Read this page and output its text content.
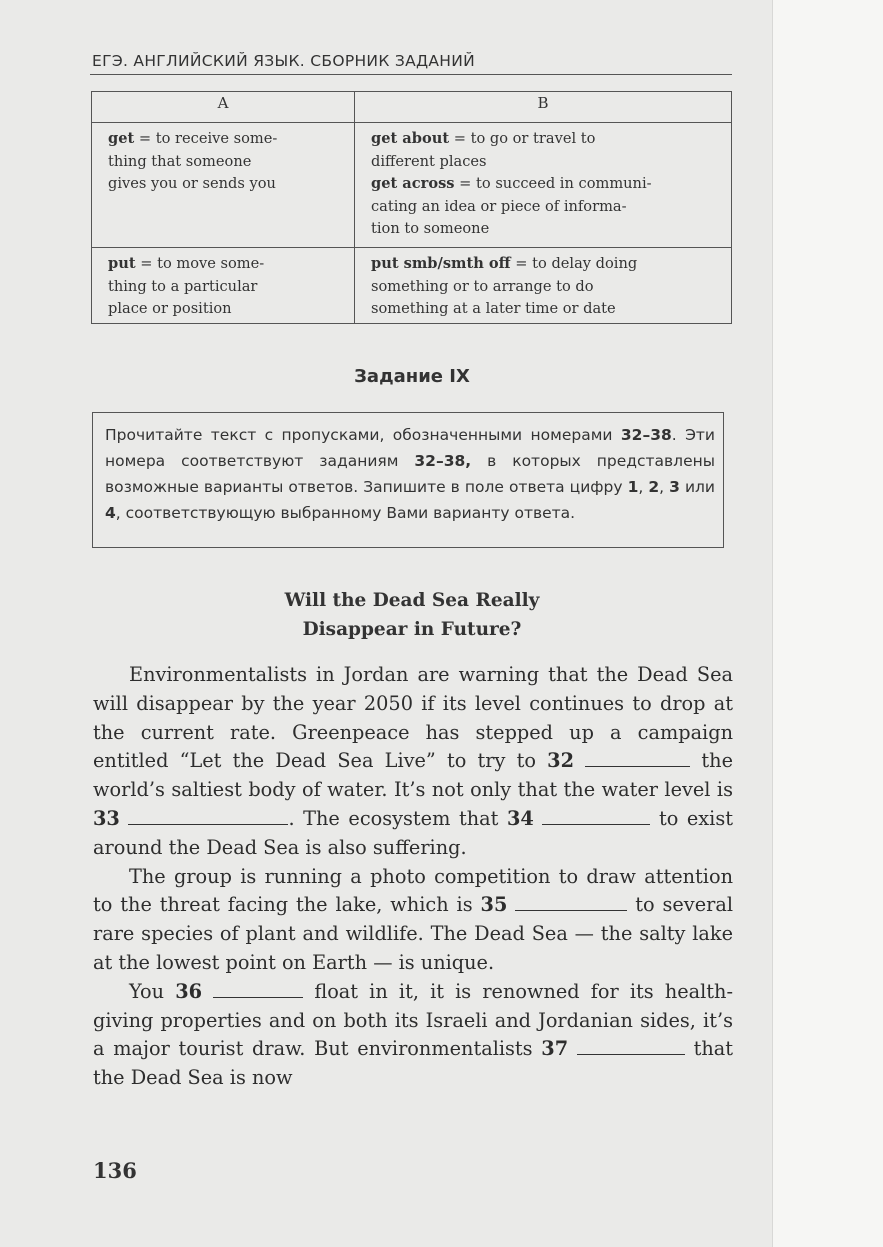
ЕГЭ. АНГЛИЙСКИЙ ЯЗЫК. СБОРНИК ЗАДАНИЙ
A	B
get = to receive some-
thing that someone
gives you or sends you	get about = to go or travel to
different places
get across = to succeed in communi-
cating an idea or piece of informa-
tion to someone
put = to move some-
thing to a particular
place or position	put smb/smth off = to delay doing
something or to arrange to do
something at a later time or date
Задание IX
Прочитайте текст с пропусками, обозначенными номерами 32–38. Эти номера соответствуют заданиям 32–38, в которых представлены возможные варианты ответов. Запишите в поле ответа цифру 1, 2, 3 или 4, соответствующую выбранному Вами варианту ответа.
Will the Dead Sea Really
Disappear in Future?

Environmentalists in Jordan are warning that the Dead Sea will disappear by the year 2050 if its level continues to drop at the current rate. Greenpeace has stepped up a campaign entitled “Let the Dead Sea Live” to try to 32	the world’s saltiest body of water. It’s not only that the water level is 33	. The ecosystem that 34	to exist around the Dead Sea is also suffering.

The group is running a photo competition to draw attention to the threat facing the lake, which is 35	to several rare species of plant and wildlife. The Dead Sea — the salty lake at the lowest point on Earth — is unique.

You 36	float in it, it is renowned for its health-giving properties and on both its Israeli and Jordanian sides, it’s a major tourist draw. But environmentalists 37	that the Dead Sea is now

136
